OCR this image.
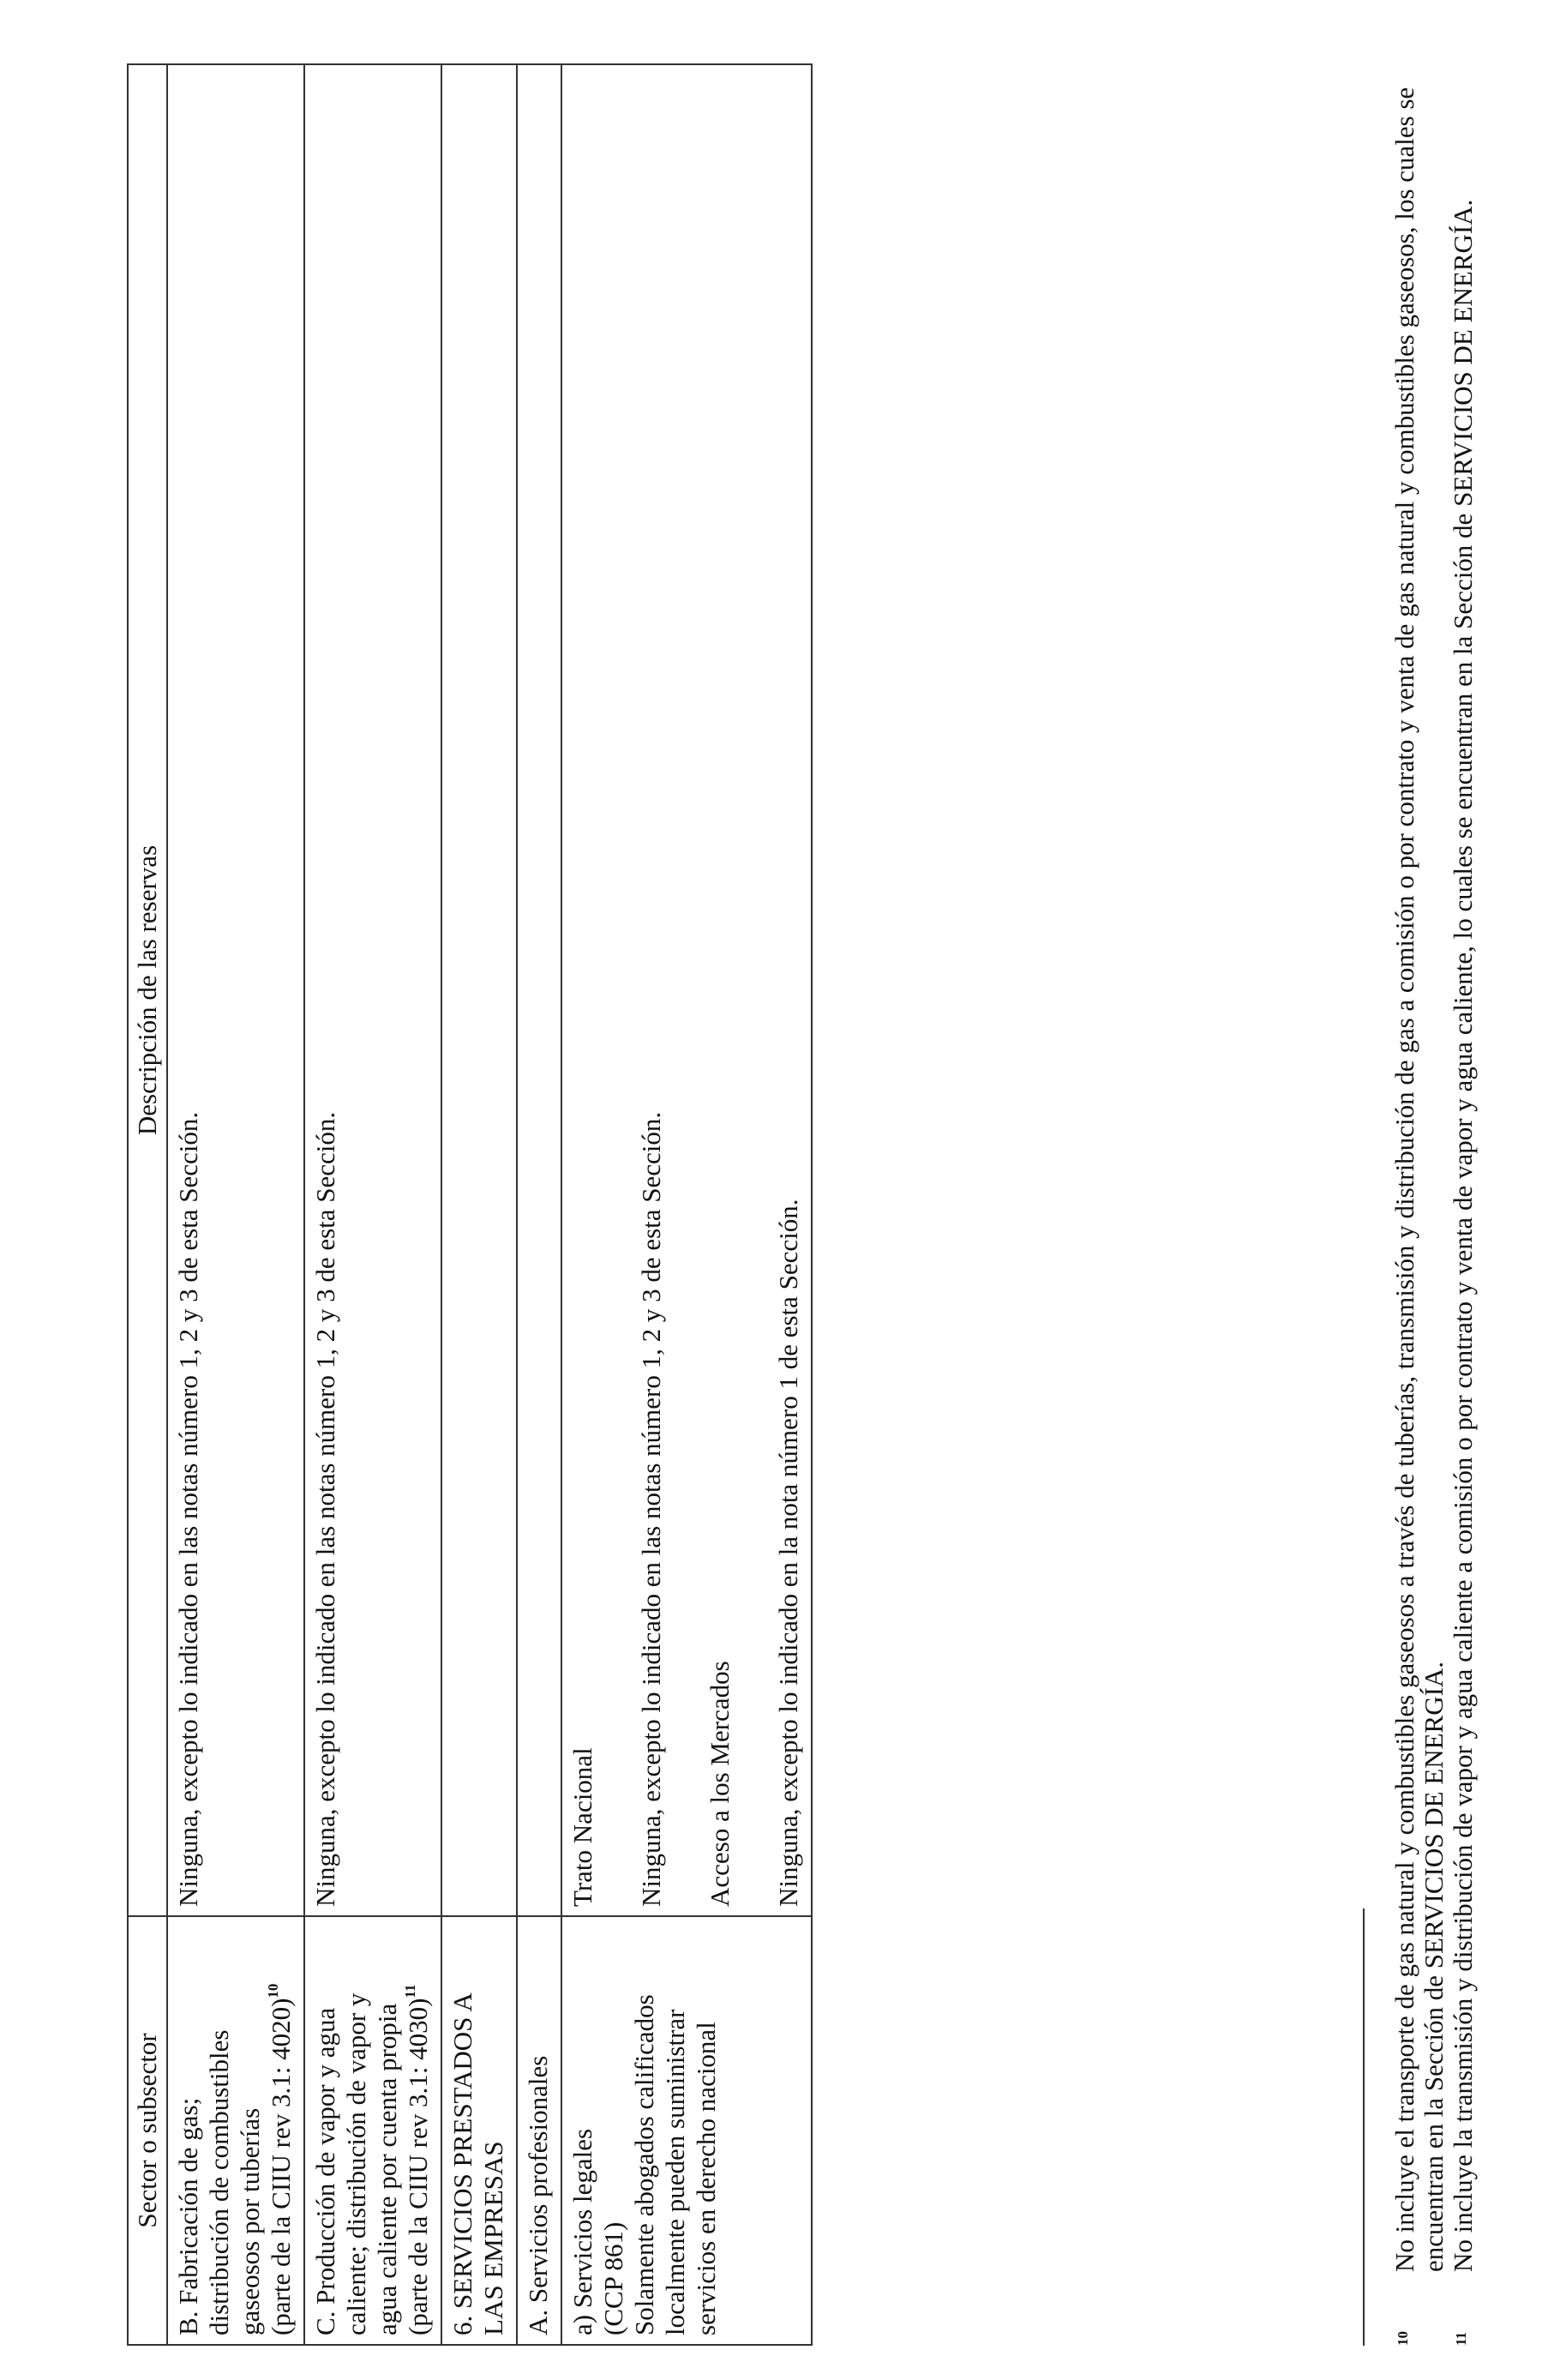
Sector o subsector	Descripción de las reservas

B. Fabricación de gas; distribución de combustibles gaseosos por tuberías (parte de la CIIU rev 3.1: 4020)$^{10}$	Ninguna, excepto lo indicado en las notas número 1, 2 y 3 de esta Sección.

C. Producción de vapor y agua caliente; distribución de vapor y agua caliente por cuenta propia (parte de la CIIU rev 3.1: 4030)$^{11}$	Ninguna, excepto lo indicado en las notas número 1, 2 y 3 de esta Sección.

6. SERVICIOS PRESTADOS A LAS EMPRESAS	

A. Servicios profesionales	

a) Servicios legales (CCP 861) Solamente abogados calificados localmente pueden suministrar servicios en derecho nacional	Trato Nacional Ninguna, excepto lo indicado en las notas número 1, 2 y 3 de esta Sección. Acceso a los Mercados Ninguna, excepto lo indicado en la nota número 1 de esta Sección.
10
No incluye el transporte de gas natural y combustibles gaseosos a través de tuberías, transmisión y distribución de gas a comisión o por contrato y venta de gas natural y combustibles gaseosos, los cuales se encuentran en la Sección de SERVICIOS DE ENERGÍA.
11
No incluye la transmisión y distribución de vapor y agua caliente a comisión o por contrato y venta de vapor y agua caliente, lo cuales se encuentran en la Sección de SERVICIOS DE ENERGÍA.
